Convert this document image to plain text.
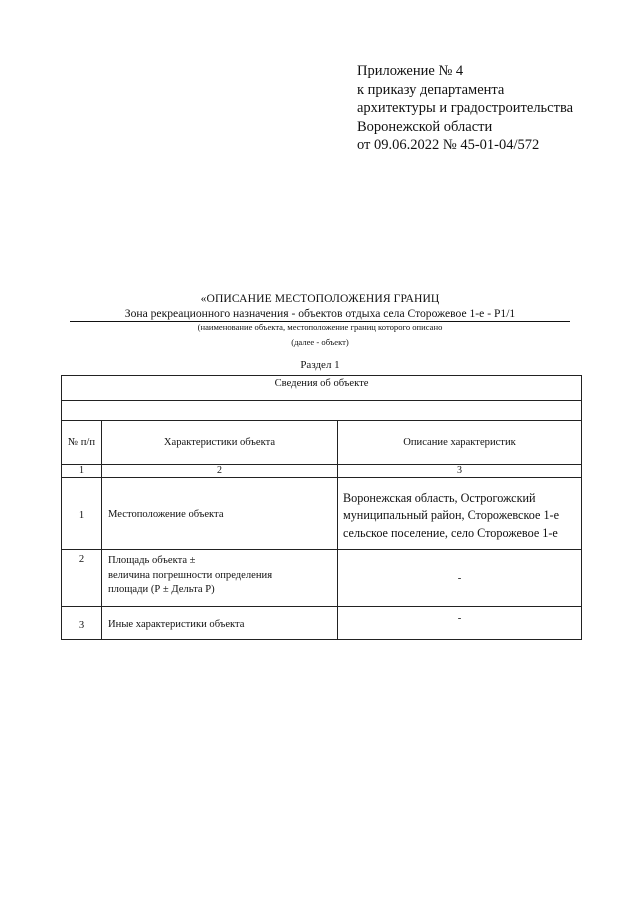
Приложение № 4
к приказу департамента
архитектуры и градостроительства
Воронежской области
от 09.06.2022 № 45-01-04/572
«ОПИСАНИЕ МЕСТОПОЛОЖЕНИЯ ГРАНИЦ
Зона рекреационного назначения - объектов отдыха села Сторожевое 1-е - Р1/1
(наименование объекта, местоположение границ которого описано
(далее - объект)
Раздел 1
Сведения об объекте		

№ п/п	Характеристики объекта	Описание характеристик
1	2	3
1	Местоположение объекта	Воронежская область, Острогожский муниципальный район, Сторожевское 1-е сельское поселение, село Сторожевое 1-е
2	Площадь объекта ±
величина погрешности определения
площади (Р ± Дельта Р)	-
3	Иные характеристики объекта	-
